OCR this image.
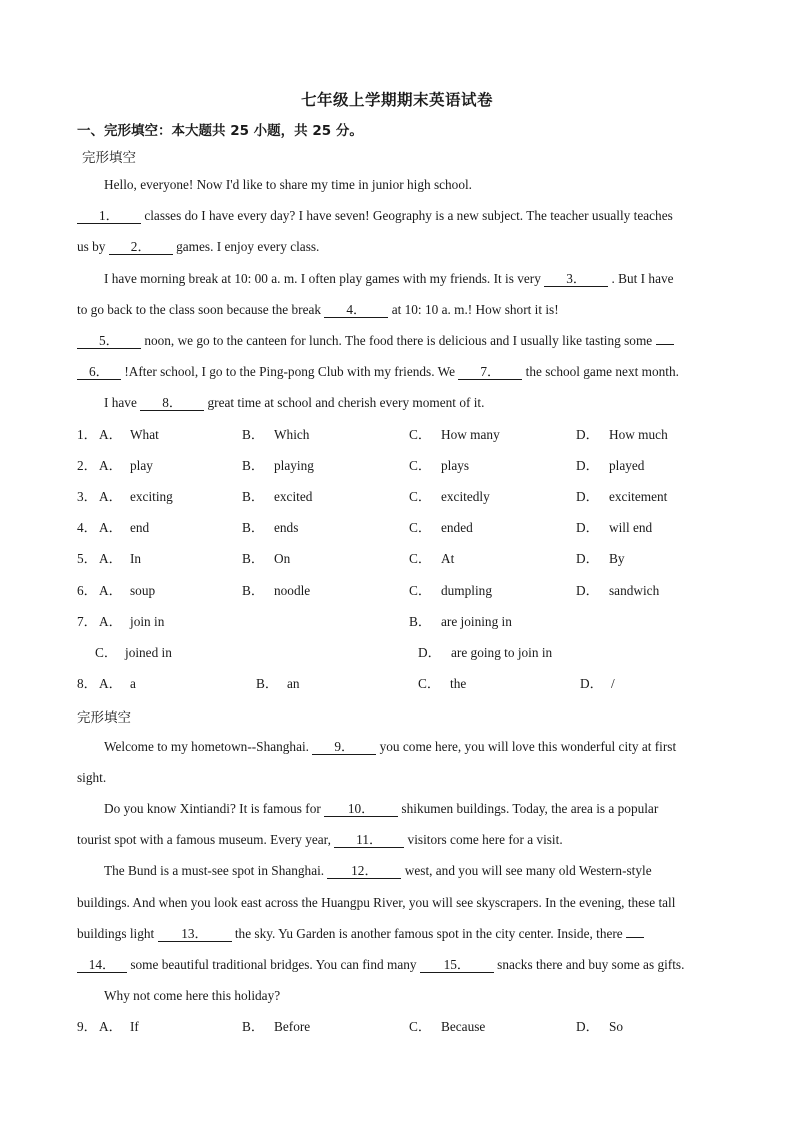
七年级上学期期末英语试卷
一、完形填空：本大题共 25 小题，共 25 分。
完形填空
Hello, everyone! Now I'd like to share my time in junior high school.
1． classes do I have every day? I have seven! Geography is a new subject. The teacher usually teaches
us by 2． games. I enjoy every class.
I have morning break at 10: 00 a. m. I often play games with my friends. It is very 3． . But I have
to go back to the class soon because the break 4． at 10: 10 a. m.! How short it is!
5． noon, we go to the canteen for lunch. The food there is delicious and I usually like tasting some
6． !After school, I go to the Ping-pong Club with my friends. We 7． the school game next month.
I have 8． great time at school and cherish every moment of it.
1． A． What	B． Which	C． How many	D． How much
2． A． play	B． playing	C． plays	D． played
3． A． exciting	B． excited	C． excitedly	D． excitement
4． A． end	B． ends	C． ended	D． will end
5． A． In	B． On	C． At	D． By
6． A． soup	B． noodle	C． dumpling	D． sandwich
7． A． join in	B． are joining in
C． joined in	D． are going to join in
8． A． a	B． an	C． the	D． /
完形填空
Welcome to my hometown--Shanghai. 9． you come here, you will love this wonderful city at first
sight.
Do you know Xintiandi? It is famous for 10． shikumen buildings. Today, the area is a popular
tourist spot with a famous museum. Every year, 11． visitors come here for a visit.
The Bund is a must-see spot in Shanghai. 12． west, and you will see many old Western-style
buildings. And when you look east across the Huangpu River, you will see skyscrapers. In the evening, these tall
buildings light 13． the sky. Yu Garden is another famous spot in the city center. Inside, there
14． some beautiful traditional bridges. You can find many 15． snacks there and buy some as gifts.
Why not come here this holiday?
9． A． If	B． Before	C． Because	D． So
